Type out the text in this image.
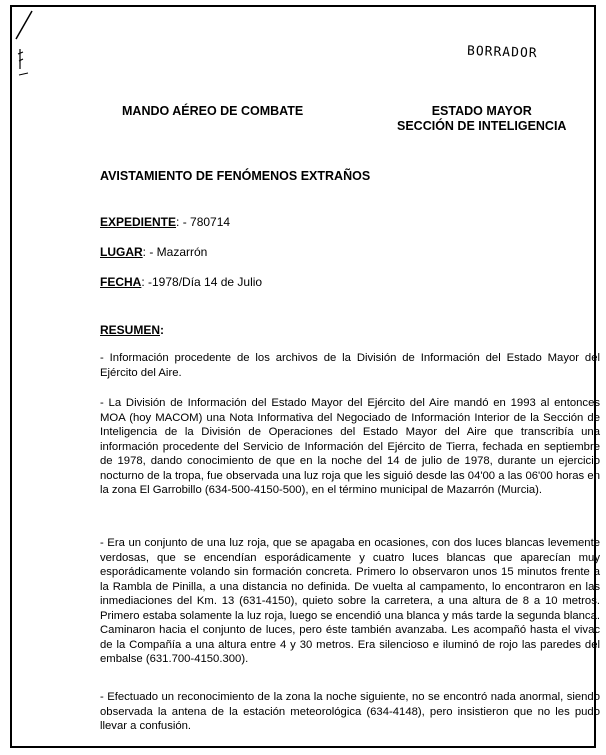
BORRADOR
MANDO AÉREO DE COMBATE	ESTADO MAYOR
SECCIÓN DE INTELIGENCIA
AVISTAMIENTO DE FENÓMENOS EXTRAÑOS
EXPEDIENTE: - 780714
LUGAR: - Mazarrón
FECHA: -1978/Día 14 de Julio
RESUMEN:

- Información procedente de los archivos de la División de Información del Estado Mayor del Ejército del Aire.

- La División de Información del Estado Mayor del Ejército del Aire mandó en 1993 al entonces MOA (hoy MACOM) una Nota Informativa del Negociado de Información Interior de la Sección de Inteligencia de la División de Operaciones del Estado Mayor del Aire que transcribía una información procedente del Servicio de Información del Ejército de Tierra, fechada en septiembre de 1978, dando conocimiento de que en la noche del 14 de julio de 1978, durante un ejercicio nocturno de la tropa, fue observada una luz roja que les siguió desde las 04'00 a las 06'00 horas en la zona El Garrobillo (634-500-4150-500), en el término municipal de Mazarrón (Murcia).

- Era un conjunto de una luz roja, que se apagaba en ocasiones, con dos luces blancas levemente verdosas, que se encendían esporádicamente y cuatro luces blancas que aparecían muy esporádicamente volando sin formación concreta. Primero lo observaron unos 15 minutos frente a la Rambla de Pinilla, a una distancia no definida. De vuelta al campamento, lo encontraron en las inmediaciones del Km. 13 (631-4150), quieto sobre la carretera, a una altura de 8 a 10 metros. Primero estaba solamente la luz roja, luego se encendió una blanca y más tarde la segunda blanca. Caminaron hacia el conjunto de luces, pero éste también avanzaba. Les acompañó hasta el vivac de la Compañía a una altura entre 4 y 30 metros. Era silencioso e iluminó de rojo las paredes del embalse (631.700-4150.300).

- Efectuado un reconocimiento de la zona la noche siguiente, no se encontró nada anormal, siendo observada la antena de la estación meteorológica (634-4148), pero insistieron que no les pudo llevar a confusión.
